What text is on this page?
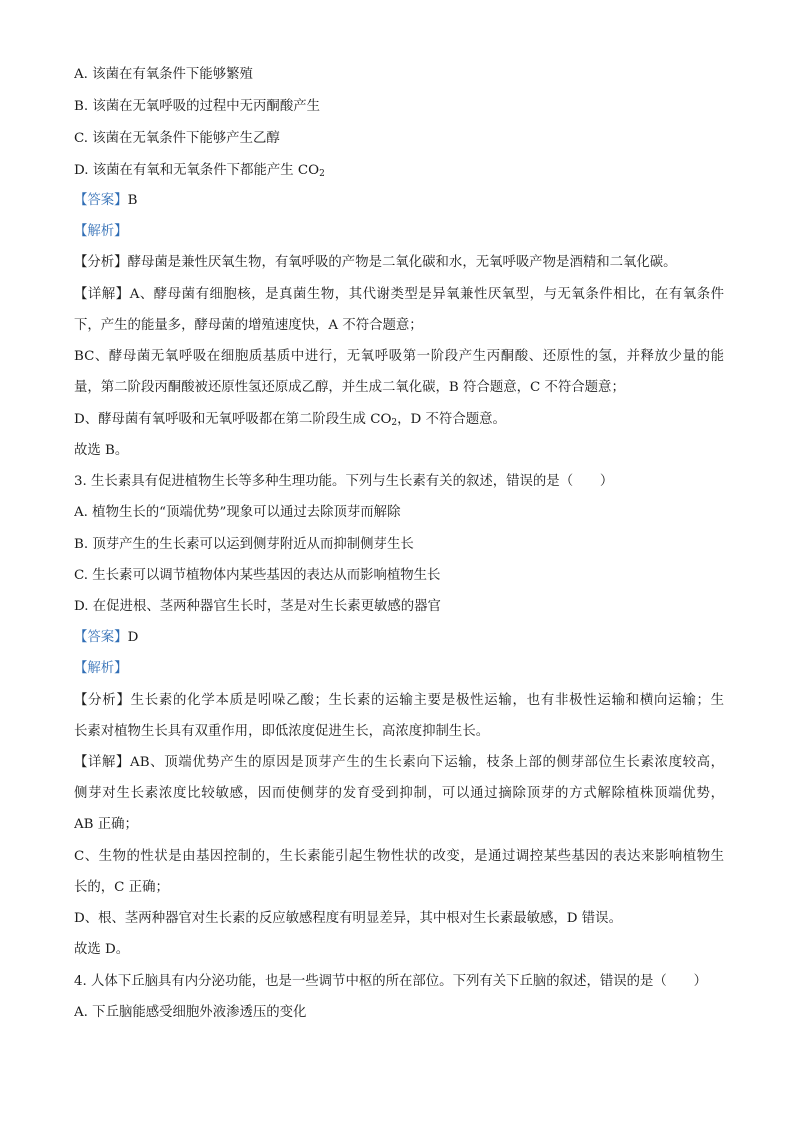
A. 该菌在有氧条件下能够繁殖
B. 该菌在无氧呼吸的过程中无丙酮酸产生
C. 该菌在无氧条件下能够产生乙醇
D. 该菌在有氧和无氧条件下都能产生 $CO_2$
【答案】B
【解析】
【分析】酵母菌是兼性厌氧生物，有氧呼吸的产物是二氧化碳和水，无氧呼吸产物是酒精和二氧化碳。
【详解】A、酵母菌有细胞核，是真菌生物，其代谢类型是异氧兼性厌氧型，与无氧条件相比，在有氧条件
下，产生的能量多，酵母菌的增殖速度快，A 不符合题意；
BC、酵母菌无氧呼吸在细胞质基质中进行，无氧呼吸第一阶段产生丙酮酸、还原性的氢，并释放少量的能
量，第二阶段丙酮酸被还原性氢还原成乙醇，并生成二氧化碳，B 符合题意，C 不符合题意；
D、酵母菌有氧呼吸和无氧呼吸都在第二阶段生成 $CO_2$，D 不符合题意。
故选 B。
3. 生长素具有促进植物生长等多种生理功能。下列与生长素有关的叙述，错误的是（　　）
A. 植物生长的“顶端优势”现象可以通过去除顶芽而解除
B. 顶芽产生的生长素可以运到侧芽附近从而抑制侧芽生长
C. 生长素可以调节植物体内某些基因的表达从而影响植物生长
D. 在促进根、茎两种器官生长时，茎是对生长素更敏感的器官
【答案】D
【解析】
【分析】生长素的化学本质是吲哚乙酸；生长素的运输主要是极性运输，也有非极性运输和横向运输；生
长素对植物生长具有双重作用，即低浓度促进生长，高浓度抑制生长。
【详解】AB、顶端优势产生的原因是顶芽产生的生长素向下运输，枝条上部的侧芽部位生长素浓度较高，
侧芽对生长素浓度比较敏感，因而使侧芽的发育受到抑制，可以通过摘除顶芽的方式解除植株顶端优势，
AB 正确；
C、生物的性状是由基因控制的，生长素能引起生物性状的改变，是通过调控某些基因的表达来影响植物生
长的，C 正确；
D、根、茎两种器官对生长素的反应敏感程度有明显差异，其中根对生长素最敏感，D 错误。
故选 D。
4. 人体下丘脑具有内分泌功能，也是一些调节中枢的所在部位。下列有关下丘脑的叙述，错误的是（　　）
A. 下丘脑能感受细胞外液渗透压的变化
